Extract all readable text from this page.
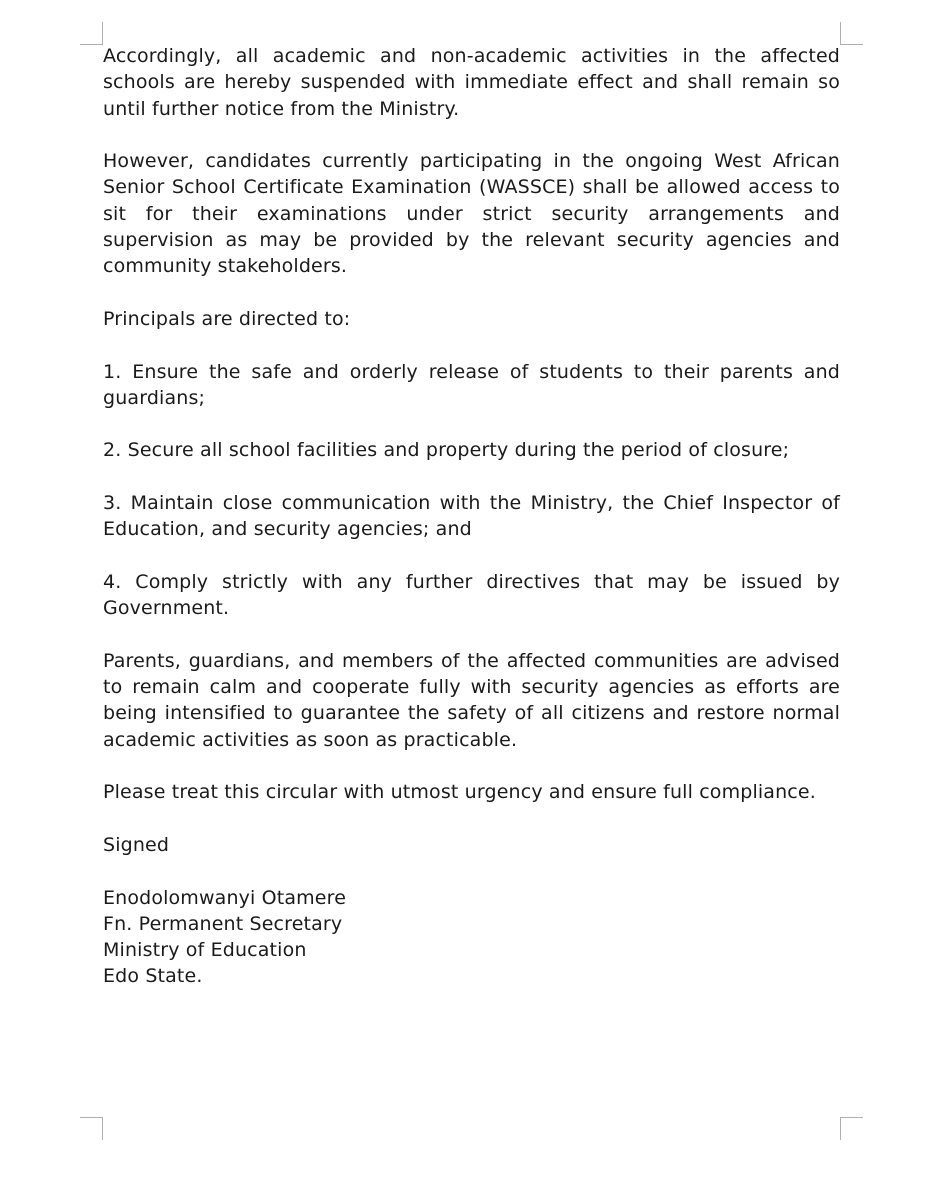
Accordingly, all academic and non-academic activities in the affected schools are hereby suspended with immediate effect and shall remain so until further notice from the Ministry.

However, candidates currently participating in the ongoing West African Senior School Certificate Examination (WASSCE) shall be allowed access to sit for their examinations under strict security arrangements and supervision as may be provided by the relevant security agencies and community stakeholders.

Principals are directed to:

1. Ensure the safe and orderly release of students to their parents and guardians;

2. Secure all school facilities and property during the period of closure;

3. Maintain close communication with the Ministry, the Chief Inspector of Education, and security agencies; and

4. Comply strictly with any further directives that may be issued by Government.

Parents, guardians, and members of the affected communities are advised to remain calm and cooperate fully with security agencies as efforts are being intensified to guarantee the safety of all citizens and restore normal academic activities as soon as practicable.

Please treat this circular with utmost urgency and ensure full compliance.

Signed

Enodolomwanyi Otamere

Fn. Permanent Secretary

Ministry of Education

Edo State.
